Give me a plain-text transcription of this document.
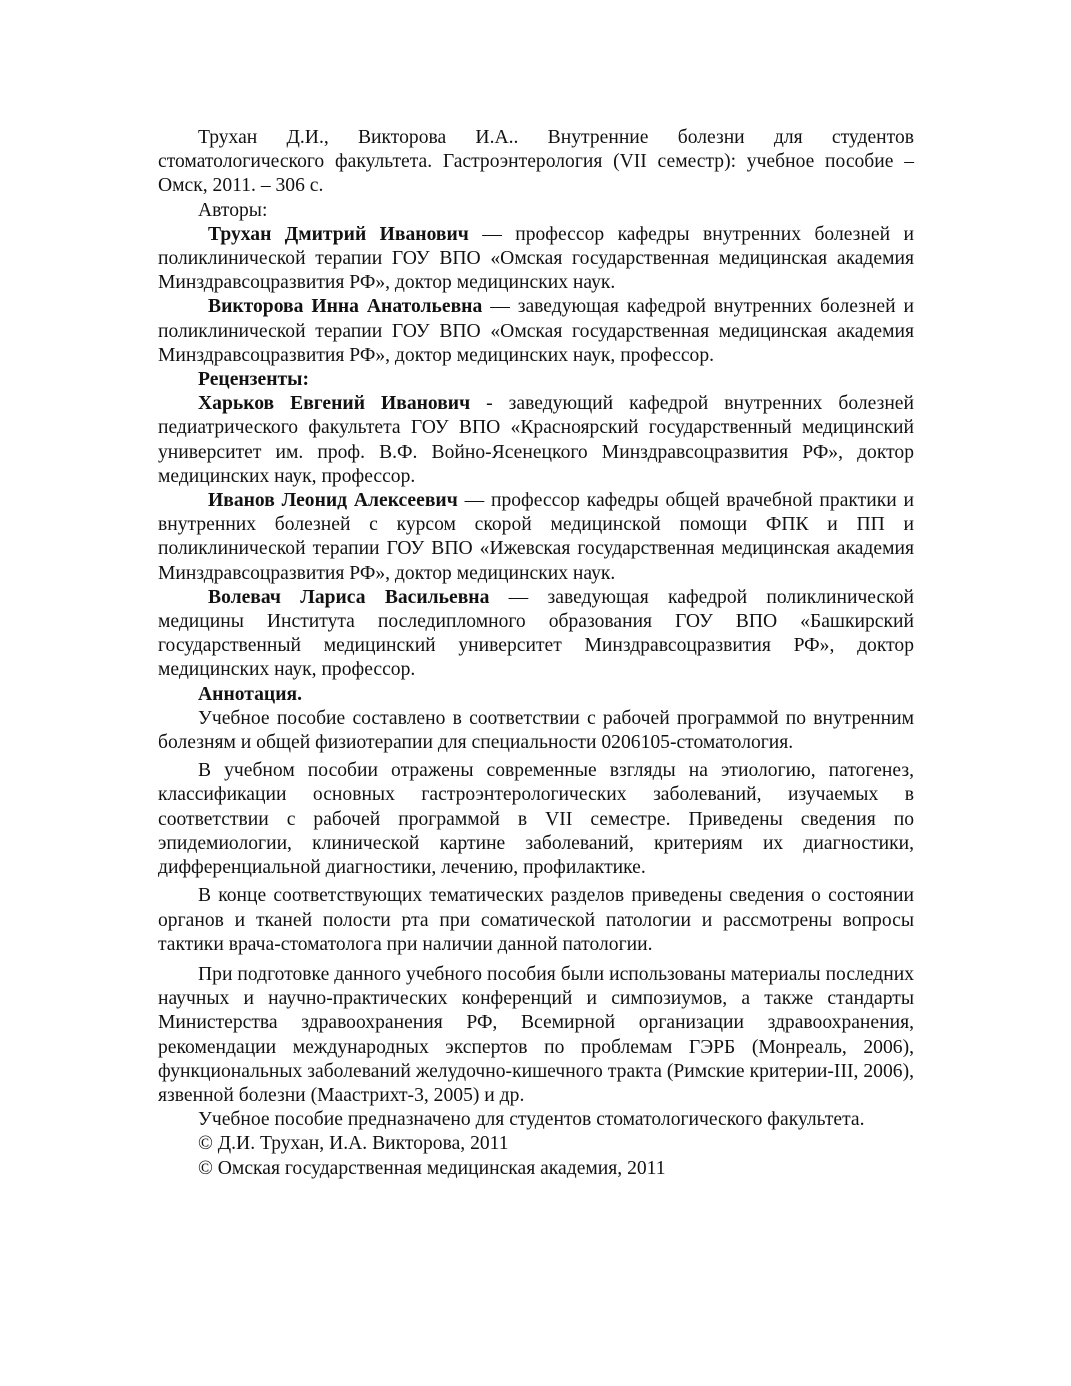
Трухан Д.И., Викторова И.А.. Внутренние болезни для студентов стоматологического факультета. Гастроэнтерология (VII семестр): учебное пособие – Омск, 2011. – 306 с.

Авторы:

Трухан Дмитрий Иванович — профессор кафедры внутренних болезней и поликлинической терапии ГОУ ВПО «Омская государственная медицинская академия Минздравсоцразвития РФ», доктор медицинских наук.

Викторова Инна Анатольевна — заведующая кафедрой внутренних болезней и поликлинической терапии ГОУ ВПО «Омская государственная медицинская академия Минздравсоцразвития РФ», доктор медицинских наук, профессор.

Рецензенты:

Харьков Евгений Иванович - заведующий кафедрой внутренних болезней педиатрического факультета ГОУ ВПО «Красноярский государственный медицинский университет им. проф. В.Ф. Войно-Ясенецкого Минздравсоцразвития РФ», доктор медицинских наук, профессор.

Иванов Леонид Алексеевич — профессор кафедры общей врачебной практики и внутренних болезней с курсом скорой медицинской помощи ФПК и ПП и поликлинической терапии ГОУ ВПО «Ижевская государственная медицинская академия Минздравсоцразвития РФ», доктор медицинских наук.

Волевач Лариса Васильевна — заведующая кафедрой поликлинической медицины Института последипломного образования ГОУ ВПО «Башкирский государственный медицинский университет Минздравсоцразвития РФ», доктор медицинских наук, профессор.

Аннотация.

Учебное пособие составлено в соответствии с рабочей программой по внутренним болезням и общей физиотерапии для специальности 0206105-стоматология.

В учебном пособии отражены современные взгляды на этиологию, патогенез, классификации основных гастроэнтерологических заболеваний, изучаемых в соответствии с рабочей программой в VII семестре. Приведены сведения по эпидемиологии, клинической картине заболеваний, критериям их диагностики, дифференциальной диагностики, лечению, профилактике.

В конце соответствующих тематических разделов приведены сведения о состоянии органов и тканей полости рта при соматической патологии и рассмотрены вопросы тактики врача-стоматолога при наличии данной патологии.

При подготовке данного учебного пособия были использованы материалы последних научных и научно-практических конференций и симпозиумов, а также стандарты Министерства здравоохранения РФ, Всемирной организации здравоохранения, рекомендации международных экспертов по проблемам ГЭРБ (Монреаль, 2006), функциональных заболеваний желудочно-кишечного тракта (Римские критерии-III, 2006), язвенной болезни (Маастрихт-3, 2005) и др.

Учебное пособие предназначено для студентов стоматологического факультета.

© Д.И. Трухан, И.А. Викторова, 2011

© Омская государственная медицинская академия, 2011
